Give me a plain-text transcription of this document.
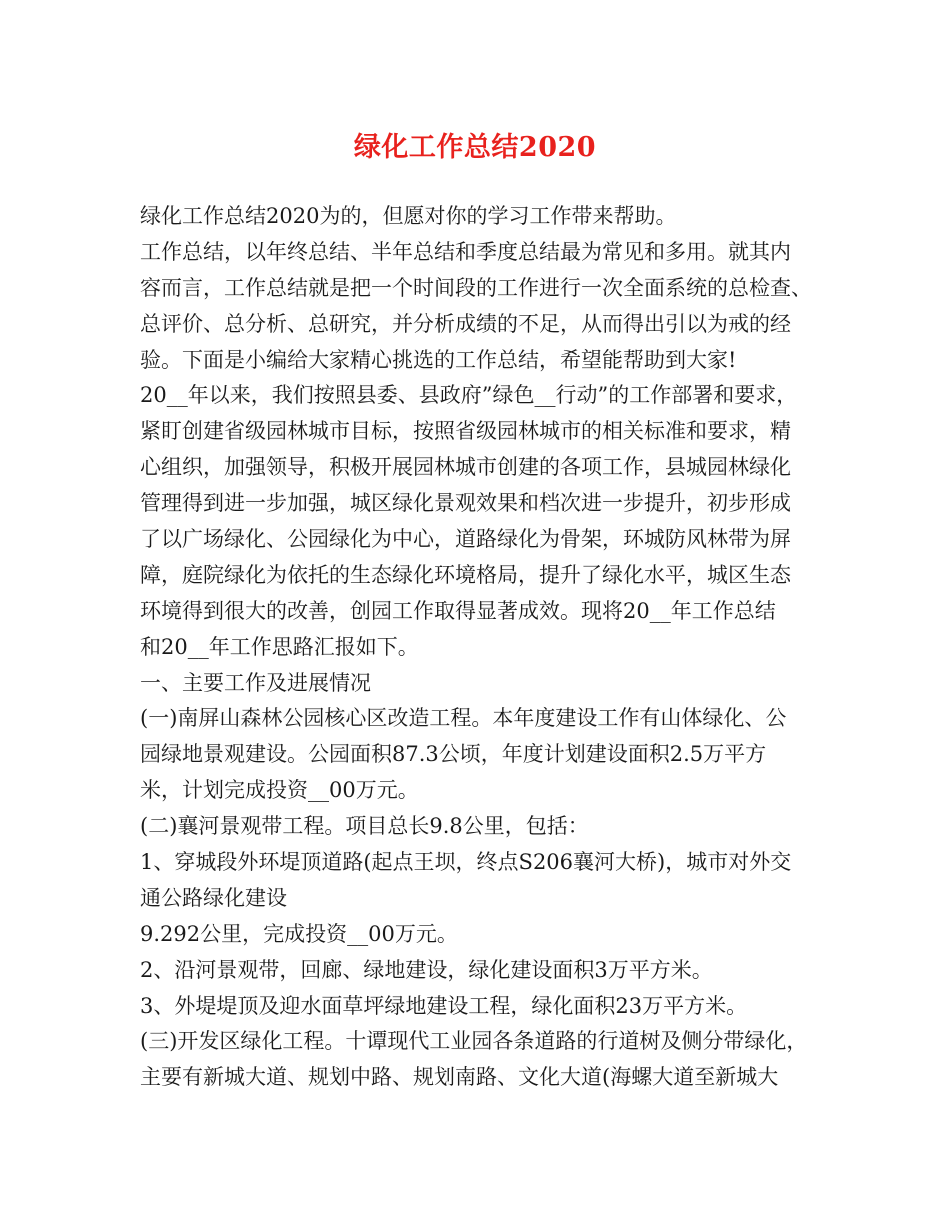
绿化工作总结2020
绿化工作总结2020为的，但愿对你的学习工作带来帮助。
工作总结，以年终总结、半年总结和季度总结最为常见和多用。就其内
容而言，工作总结就是把一个时间段的工作进行一次全面系统的总检查、
总评价、总分析、总研究，并分析成绩的不足，从而得出引以为戒的经
验。下面是小编给大家精心挑选的工作总结，希望能帮助到大家!
20__年以来，我们按照县委、县政府”绿色__行动”的工作部署和要求，
紧盯创建省级园林城市目标，按照省级园林城市的相关标准和要求，精
心组织，加强领导，积极开展园林城市创建的各项工作，县城园林绿化
管理得到进一步加强，城区绿化景观效果和档次进一步提升，初步形成
了以广场绿化、公园绿化为中心，道路绿化为骨架，环城防风林带为屏
障，庭院绿化为依托的生态绿化环境格局，提升了绿化水平，城区生态
环境得到很大的改善，创园工作取得显著成效。现将20__年工作总结
和20__年工作思路汇报如下。
一、主要工作及进展情况
(一)南屏山森林公园核心区改造工程。本年度建设工作有山体绿化、公
园绿地景观建设。公园面积87.3公顷，年度计划建设面积2.5万平方
米，计划完成投资__00万元。
(二)襄河景观带工程。项目总长9.8公里，包括：
1、穿城段外环堤顶道路(起点王坝，终点S206襄河大桥)，城市对外交
通公路绿化建设
9.292公里，完成投资__00万元。
2、沿河景观带，回廊、绿地建设，绿化建设面积3万平方米。
3、外堤堤顶及迎水面草坪绿地建设工程，绿化面积23万平方米。
(三)开发区绿化工程。十谭现代工业园各条道路的行道树及侧分带绿化，
主要有新城大道、规划中路、规划南路、文化大道(海螺大道至新城大
